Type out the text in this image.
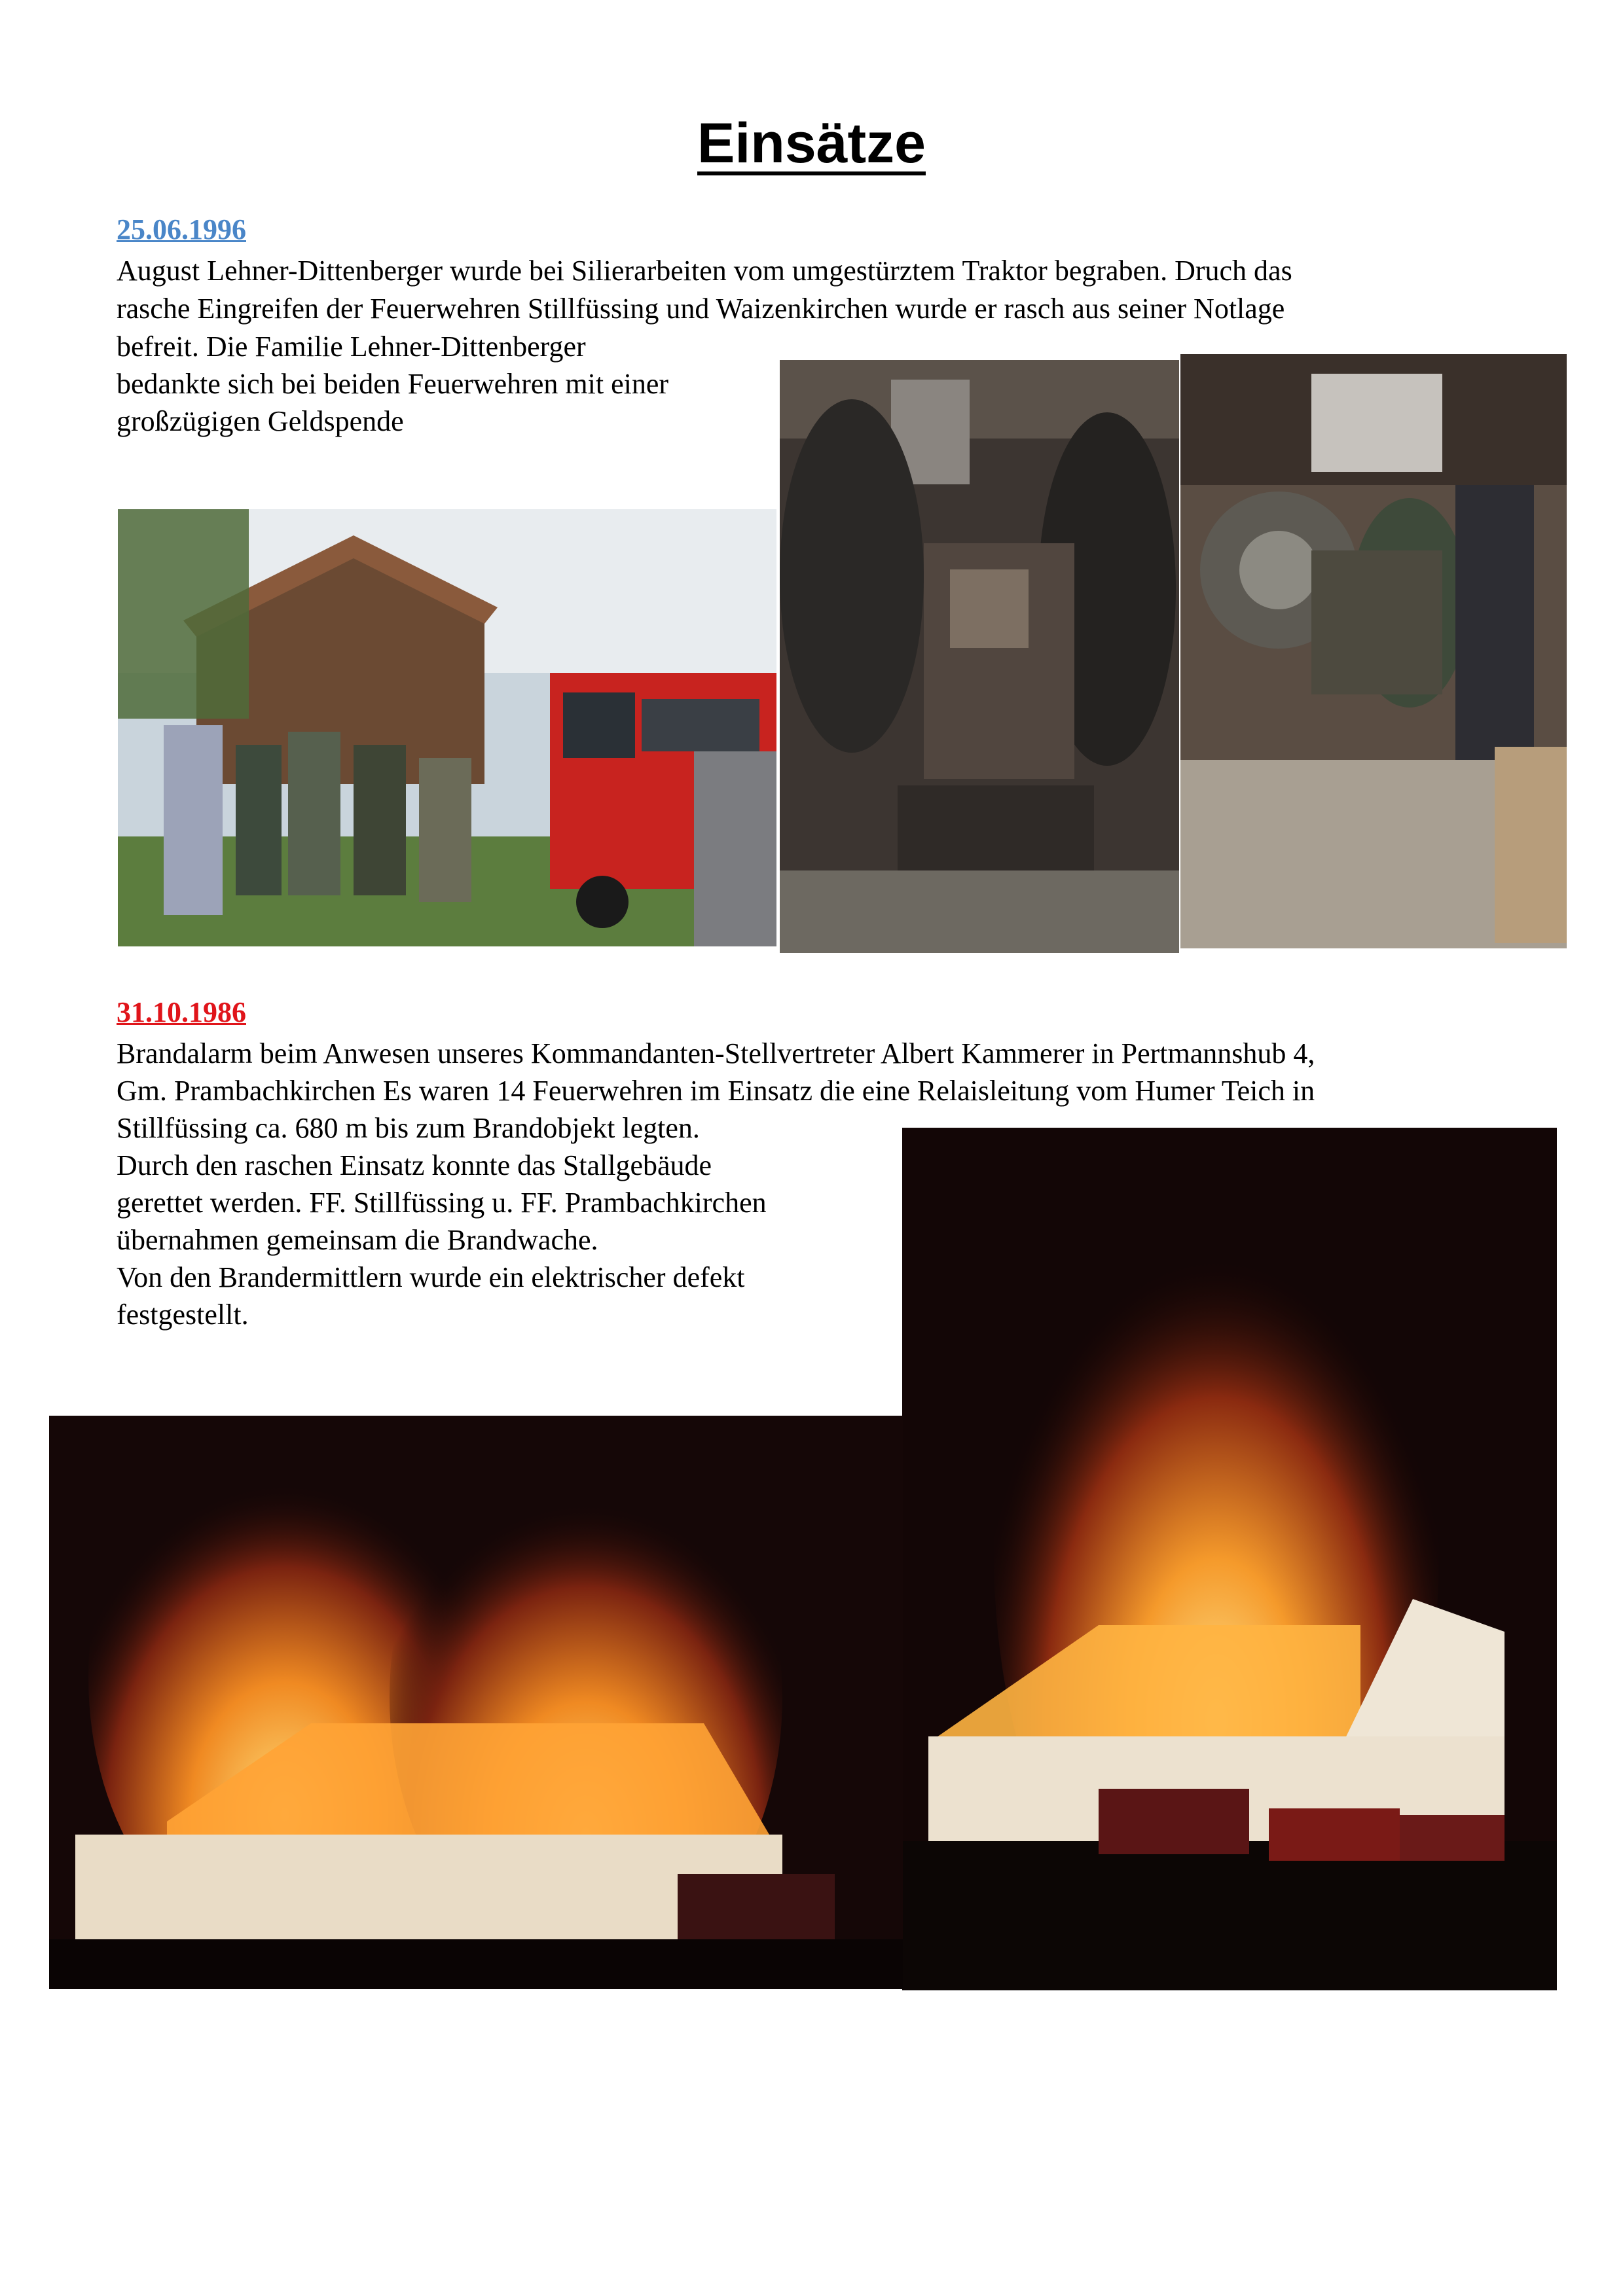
Einsätze
25.06.1996
August Lehner-Dittenberger wurde bei Silierarbeiten vom umgestürztem Traktor begraben. Druch das
rasche Eingreifen der Feuerwehren Stillfüssing und Waizenkirchen wurde er rasch aus seiner Notlage
befreit. Die Familie Lehner-Dittenberger
bedankte sich bei beiden Feuerwehren mit einer
großzügigen Geldspende
31.10.1986
Brandalarm beim Anwesen unseres Kommandanten-Stellvertreter Albert Kammerer in Pertmannshub 4,
Gm. Prambachkirchen Es waren 14 Feuerwehren im Einsatz die eine Relaisleitung vom Humer Teich in
Stillfüssing ca. 680 m bis zum Brandobjekt legten.
Durch den raschen Einsatz konnte das Stallgebäude
gerettet werden. FF. Stillfüssing u. FF. Prambachkirchen
übernahmen gemeinsam die Brandwache.
Von den Brandermittlern wurde ein elektrischer defekt
festgestellt.
